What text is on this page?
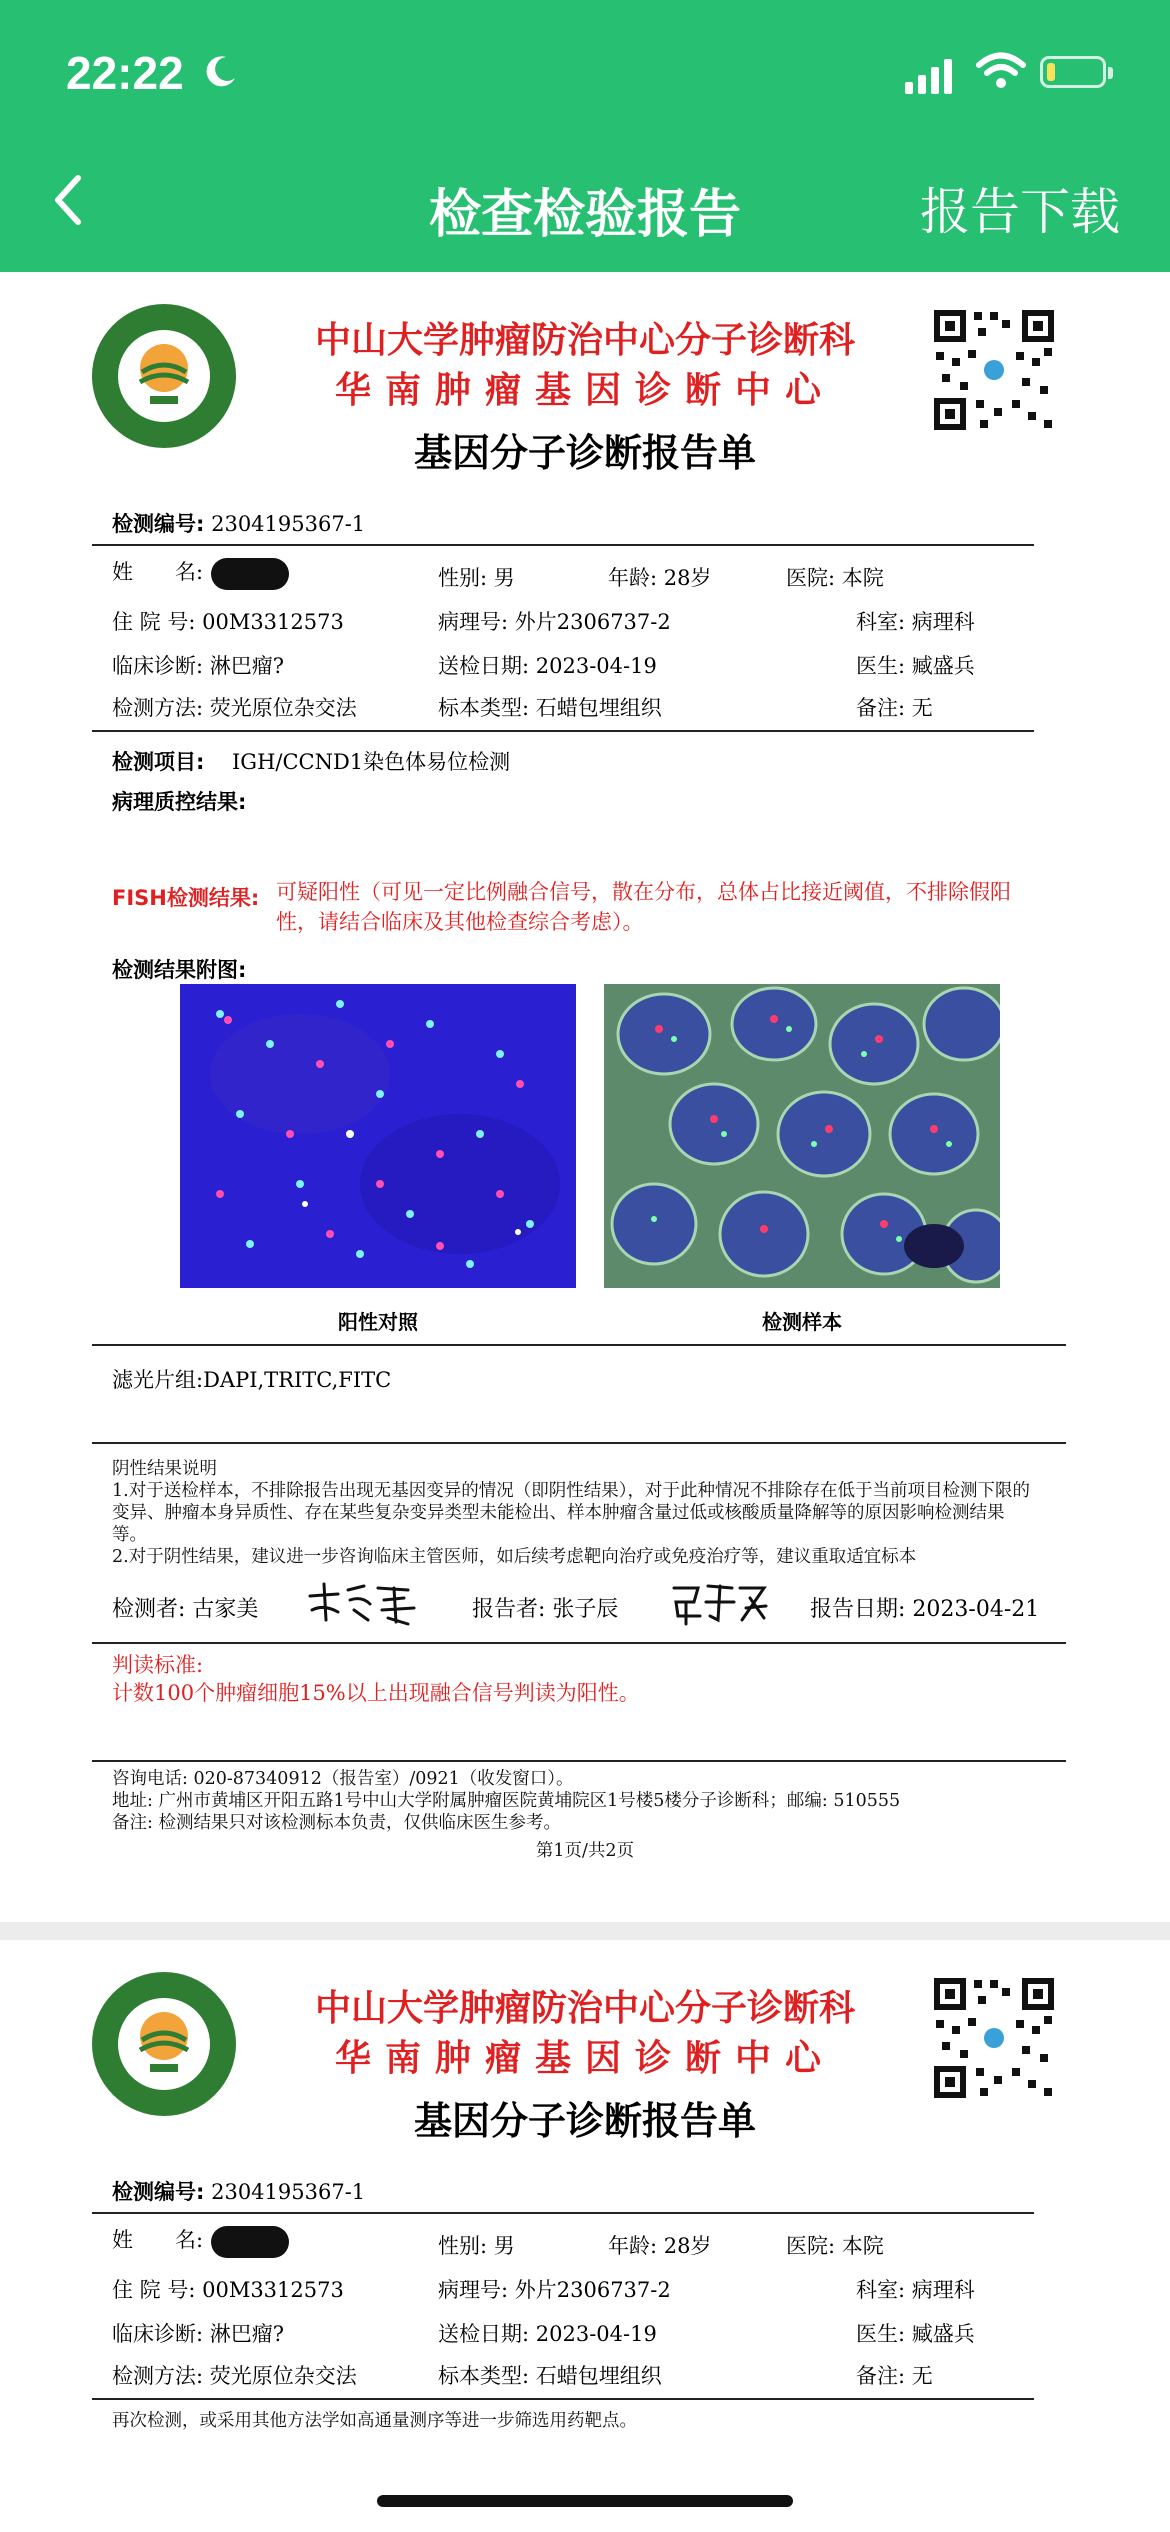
22:22
检查检验报告	报告下载
中山大学肿瘤防治中心分子诊断科
华南肿瘤基因诊断中心
基因分子诊断报告单
检测编号: 2304195367-1
姓　　名:	性别: 男	年龄: 28岁	医院: 本院
住 院 号: 00M3312573	病理号: 外片2306737-2	科室: 病理科
临床诊断: 淋巴瘤?	送检日期: 2023-04-19	医生: 臧盛兵
检测方法: 荧光原位杂交法	标本类型: 石蜡包埋组织	备注: 无
检测项目: IGH/CCND1染色体易位检测
病理质控结果:
FISH检测结果: 可疑阳性（可见一定比例融合信号，散在分布，总体占比接近阈值，不排除假阳性，请结合临床及其他检查综合考虑）。
检测结果附图:
阳性对照	检测样本
滤光片组:DAPI,TRITC,FITC
阴性结果说明
1.对于送检样本，不排除报告出现无基因变异的情况（即阴性结果），对于此种情况不排除存在低于当前项目检测下限的变异、肿瘤本身异质性、存在某些复杂变异类型未能检出、样本肿瘤含量过低或核酸质量降解等的原因影响检测结果等。
2.对于阴性结果，建议进一步咨询临床主管医师，如后续考虑靶向治疗或免疫治疗等，建议重取适宜标本
检测者: 古家美	报告者: 张子辰	报告日期: 2023-04-21
判读标准:
计数100个肿瘤细胞15%以上出现融合信号判读为阳性。
咨询电话: 020-87340912（报告室）/0921（收发窗口）。
地址: 广州市黄埔区开阳五路1号中山大学附属肿瘤医院黄埔院区1号楼5楼分子诊断科；邮编: 510555
备注: 检测结果只对该检测标本负责，仅供临床医生参考。
第1页/共2页
中山大学肿瘤防治中心分子诊断科
华南肿瘤基因诊断中心
基因分子诊断报告单
检测编号: 2304195367-1
姓　　名:	性别: 男	年龄: 28岁	医院: 本院
住 院 号: 00M3312573	病理号: 外片2306737-2	科室: 病理科
临床诊断: 淋巴瘤?	送检日期: 2023-04-19	医生: 臧盛兵
检测方法: 荧光原位杂交法	标本类型: 石蜡包埋组织	备注: 无
再次检测，或采用其他方法学如高通量测序等进一步筛选用药靶点。
